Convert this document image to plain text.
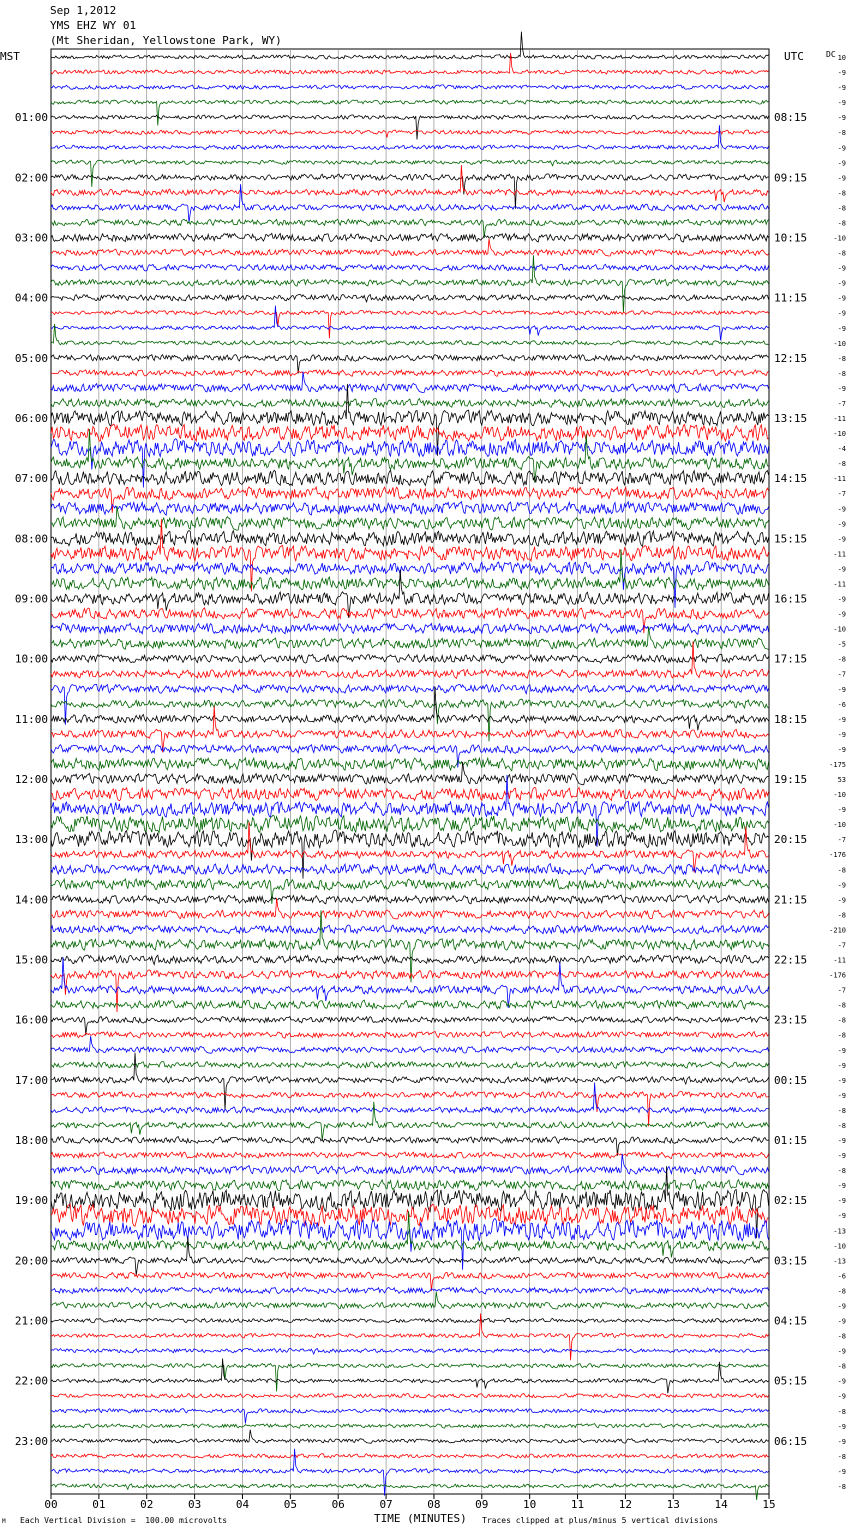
Sep 1,2012
YMS EHZ WY 01
(Mt Sheridan, Yellowstone Park, WY)
MST	UTC	DC
01:00
02:00
03:00
04:00
05:00
06:00
07:00
08:00
09:00
10:00
11:00
12:00
13:00
14:00
15:00
16:00
17:00
18:00
19:00
20:00
21:00
22:00
23:00
08:15
09:15
10:15
11:15
12:15
13:15
14:15
15:15
16:15
17:15
18:15
19:15
20:15
21:15
22:15
23:15
00:15
01:15
02:15
03:15
04:15
05:15
06:15
10
-9
-9
-9
-9
-8
-9
-9
-9
-8
-8
-8
-10
-8
-9
-9
-9
-9
-9
-10
-8
-8
-9
-7
-11
-10
-4
-8
-11
-7
-9
-9
-9
-11
-9
-11
-9
-9
-10
-5
-8
-7
-9
-6
-9
-9
-9
-175
53
-10
-9
-10
-7
-176
-8
-9
-9
-8
-210
-7
-11
-176
-7
-8
-8
-8
-9
-9
-9
-9
-8
-8
-9
-9
-8
-9
-9
-9
-13
-10
-13
-6
-8
-9
-9
-8
-9
-8
-9
-9
-8
-9
-9
-8
-9
-8
00	01	02	03	04	05	06	07	08	09	10	11	12	13	14	15
M Each Vertical Division =  100.00 microvolts	TIME (MINUTES) Traces clipped at plus/minus 5 vertical divisions
